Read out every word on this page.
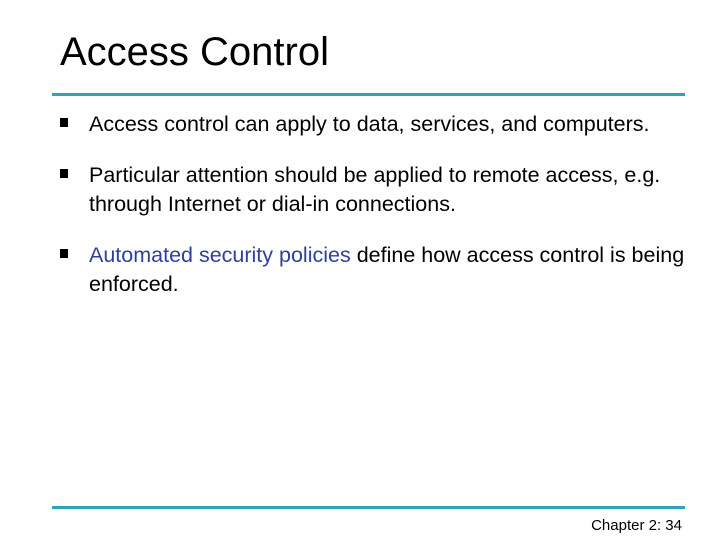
Access Control
Access control can apply to data, services, and computers.
Particular attention should be applied to remote access, e.g. through Internet or dial-in connections.
Automated security policies define how access control is being enforced.
Chapter 2: 34
